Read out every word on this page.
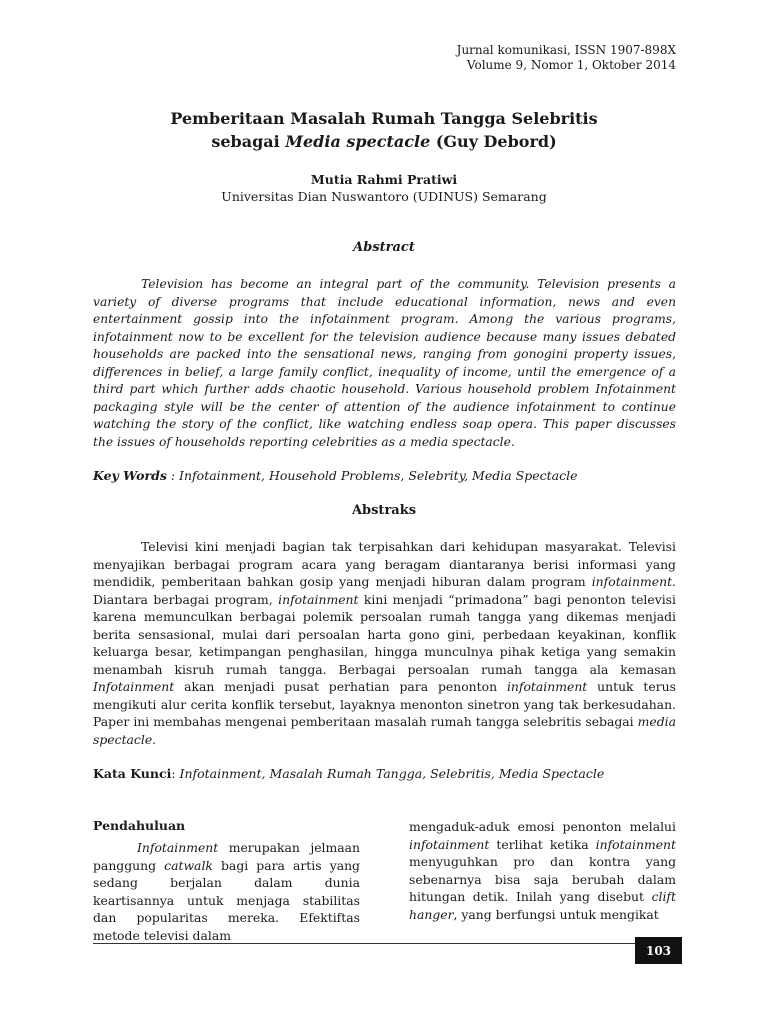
Jurnal komunikasi, ISSN 1907-898X
Volume 9, Nomor 1, Oktober 2014
Pemberitaan Masalah Rumah Tangga Selebritis
sebagai Media spectacle (Guy Debord)
Mutia Rahmi Pratiwi
Universitas Dian Nuswantoro (UDINUS) Semarang
Abstract

Television has become an integral part of the community. Television presents a variety of diverse programs that include educational information, news and even entertainment gossip into the infotainment program. Among the various programs, infotainment now to be excellent for the television audience because many issues debated households are packed into the sensational news, ranging from gonogini property issues, differences in belief, a large family conflict, inequality of income, until the emergence of a third part which further adds chaotic household. Various household problem Infotainment packaging style will be the center of attention of the audience infotainment to continue watching the story of the conflict, like watching endless soap opera. This paper discusses the issues of households reporting celebrities as a media spectacle.

Key Words : Infotainment, Household Problems, Selebrity, Media Spectacle
Abstraks

Televisi kini menjadi bagian tak terpisahkan dari kehidupan masyarakat. Televisi menyajikan berbagai program acara yang beragam diantaranya berisi informasi yang mendidik, pemberitaan bahkan gosip yang menjadi hiburan dalam program infotainment. Diantara berbagai program, infotainment kini menjadi “primadona” bagi penonton televisi karena memunculkan berbagai polemik persoalan rumah tangga yang dikemas menjadi berita sensasional, mulai dari persoalan harta gono gini, perbedaan keyakinan, konflik keluarga besar, ketimpangan penghasilan, hingga munculnya pihak ketiga yang semakin menambah kisruh rumah tangga. Berbagai persoalan rumah tangga ala kemasan Infotainment akan menjadi pusat perhatian para penonton infotainment untuk terus mengikuti alur cerita konflik tersebut, layaknya menonton sinetron yang tak berkesudahan. Paper ini membahas mengenai pemberitaan masalah rumah tangga selebritis sebagai media spectacle.

Kata Kunci: Infotainment, Masalah Rumah Tangga, Selebritis, Media Spectacle
Pendahuluan

Infotainment merupakan jelmaan panggung catwalk bagi para artis yang sedang berjalan dalam dunia keartisannya untuk menjaga stabilitas dan popularitas mereka. Efektiftas metode televisi dalam

mengaduk-aduk emosi penonton melalui infotainment terlihat ketika infotainment menyuguhkan pro dan kontra yang sebenarnya bisa saja berubah dalam hitungan detik. Inilah yang disebut clift hanger, yang berfungsi untuk mengikat

103
